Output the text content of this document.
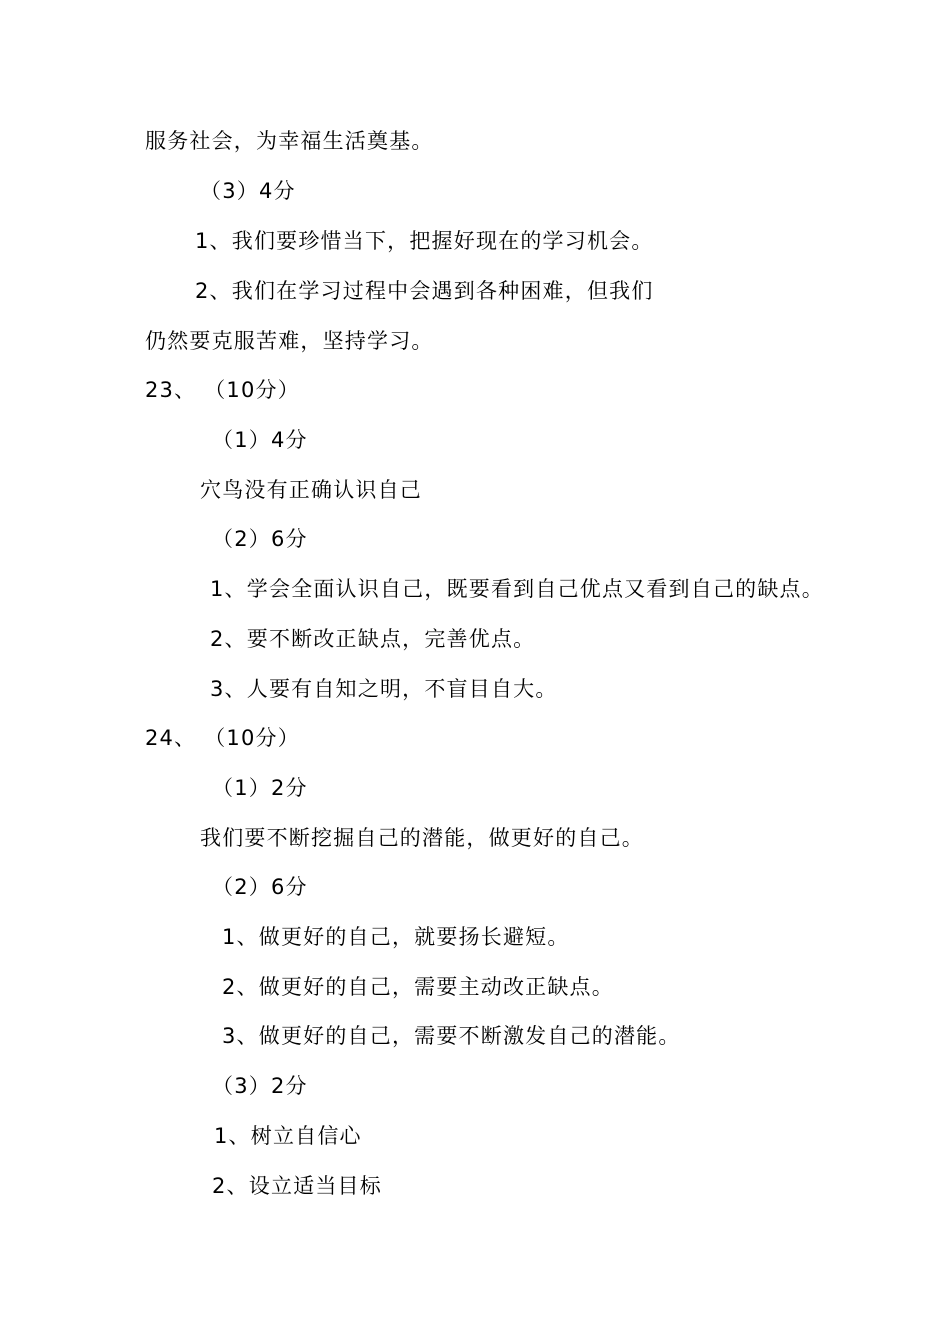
服务社会，为幸福生活奠基。
（3）4分
1、我们要珍惜当下，把握好现在的学习机会。
2、我们在学习过程中会遇到各种困难，但我们
仍然要克服苦难，坚持学习。
23、 （10分）
（1）4分
穴鸟没有正确认识自己
（2）6分
1、学会全面认识自己，既要看到自己优点又看到自己的缺点。
2、要不断改正缺点，完善优点。
3、人要有自知之明，不盲目自大。
24、 （10分）
（1）2分
我们要不断挖掘自己的潜能，做更好的自己。
（2）6分
1、做更好的自己，就要扬长避短。
2、做更好的自己，需要主动改正缺点。
3、做更好的自己，需要不断激发自己的潜能。
（3）2分
1、树立自信心
2、设立适当目标
